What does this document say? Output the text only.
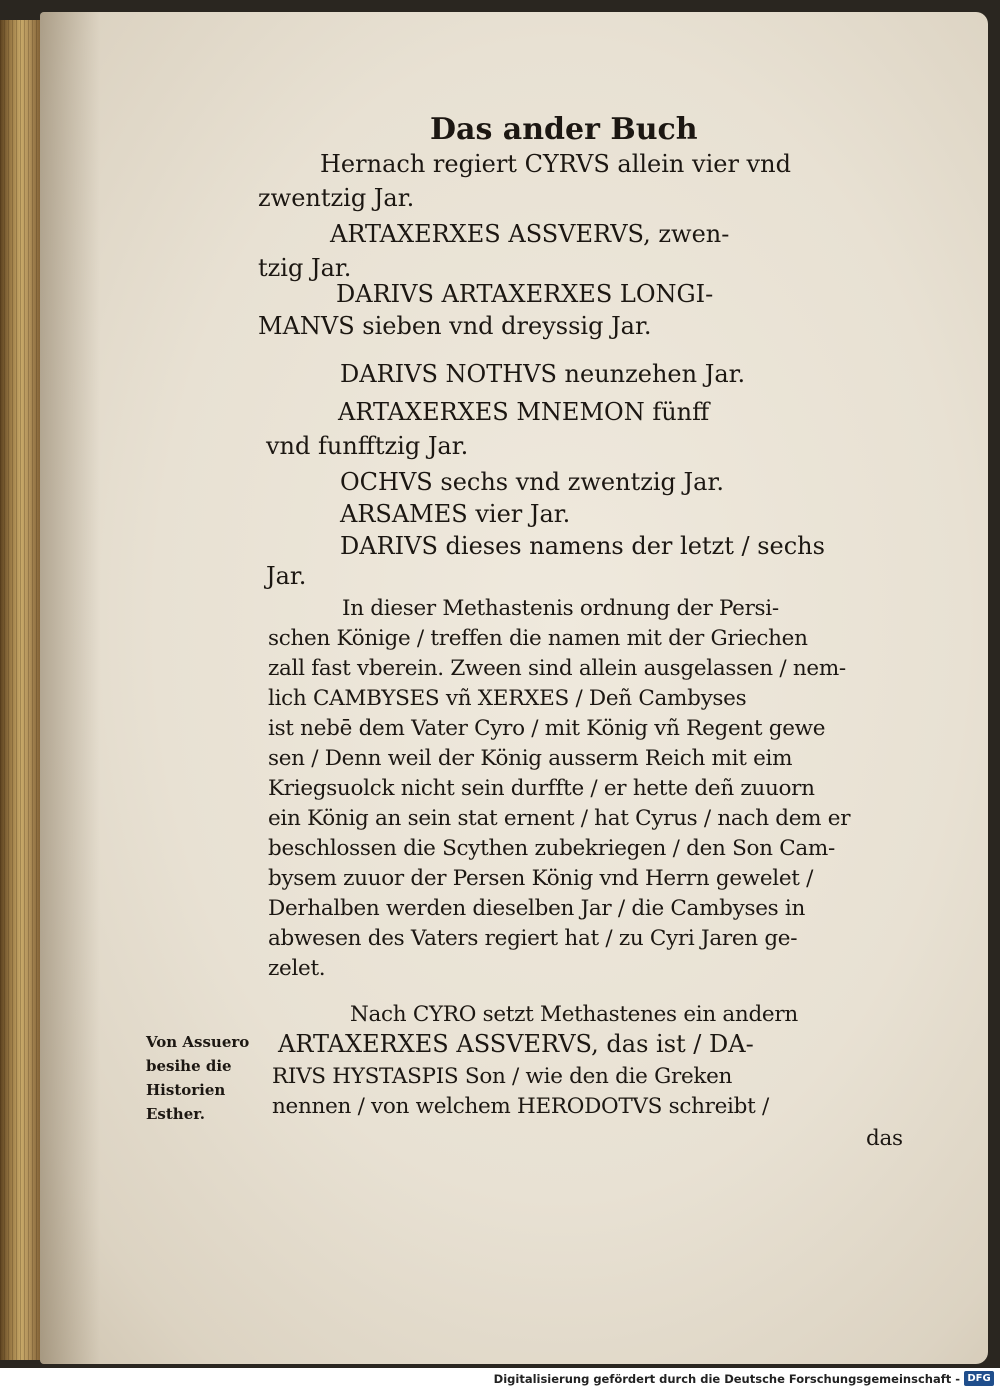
Das ander Buch
Hernach regiert CYRVS allein vier vnd
zwentzig Jar.
ARTAXERXES ASSVERVS, zwen-
tzig Jar.
DARIVS ARTAXERXES LONGI-
MANVS sieben vnd dreyssig Jar.
DARIVS NOTHVS neunzehen Jar.
ARTAXERXES MNEMON fünff
vnd funfftzig Jar.
OCHVS sechs vnd zwentzig Jar.
ARSAMES vier Jar.
DARIVS dieses namens der letzt / sechs
Jar.
In dieser Methastenis ordnung der Persi-
schen Könige / treffen die namen mit der Griechen
zall fast vberein. Zween sind allein ausgelassen / nem-
lich CAMBYSES vñ XERXES / Deñ Cambyses
ist nebē dem Vater Cyro / mit König vñ Regent gewe
sen / Denn weil der König ausserm Reich mit eim
Kriegsuolck nicht sein durffte / er hette deñ zuuorn
ein König an sein stat ernent / hat Cyrus / nach dem er
beschlossen die Scythen zubekriegen / den Son Cam-
bysem zuuor der Persen König vnd Herrn gewelet /
Derhalben werden dieselben Jar / die Cambyses in
abwesen des Vaters regiert hat / zu Cyri Jaren ge-
zelet.
Nach CYRO setzt Methastenes ein andern
ARTAXERXES ASSVERVS, das ist / DA-
RIVS HYSTASPIS Son / wie den die Greken
nennen / von welchem HERODOTVS schreibt /
das
Von Assuero
besihe die
Historien
Esther.
Digitalisierung gefördert durch die Deutsche Forschungsgemeinschaft - DFG
